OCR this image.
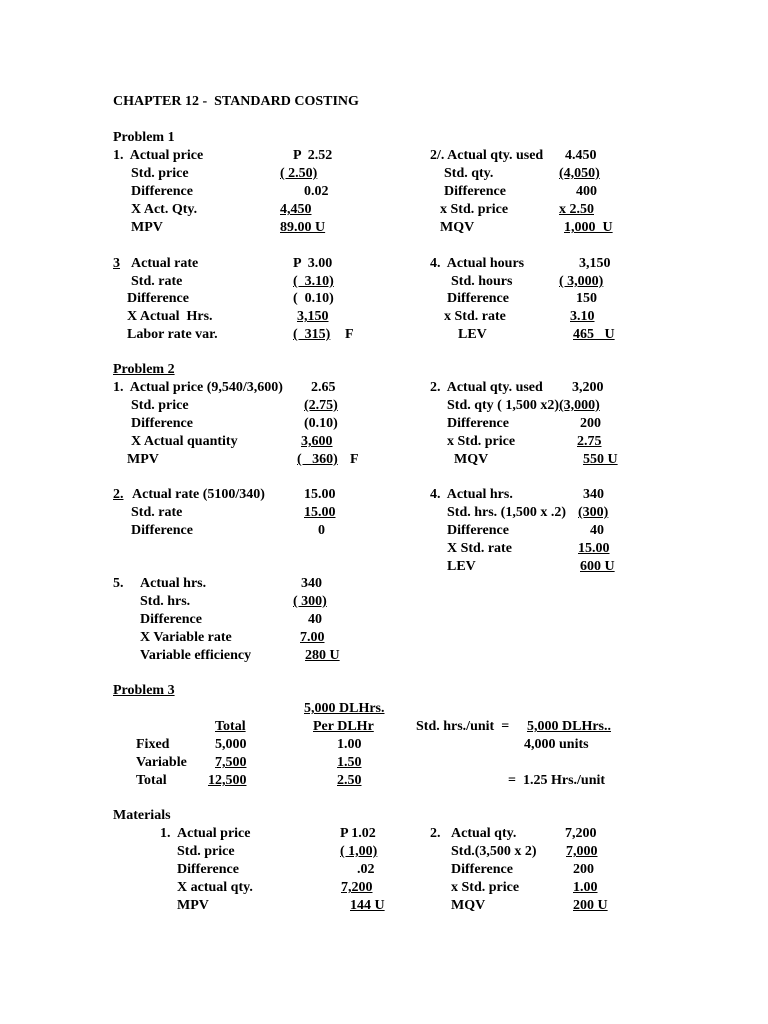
CHAPTER 12 -  STANDARD COSTING
Problem 1
1.  Actual price	P  2.52
Std. price	( 2.50)
Difference	0.02
X Act. Qty.	4,450
MPV	89.00 U
2/. Actual qty. used 4.450
Std. qty.	(4,050)
Difference	400
x Std. price	x 2.50
MQV	1,000  U
3 Actual rate	P  3.00
Std. rate	(  3.10)
Difference	(  0.10)
X Actual  Hrs.	3,150
Labor rate var.	(  315) F
4.  Actual hours	3,150
Std. hours	( 3,000)
Difference	150
x Std. rate	3.10
LEV	465   U
Problem 2
1.  Actual price (9,540/3,600) 2.65
Std. price	(2.75)
Difference	(0.10)
X Actual quantity	3,600
MPV	(   360) F
2.  Actual qty. used 3,200
Std. qty ( 1,500 x2) (3,000)
Difference	200
x Std. price	2.75
MQV	550 U
2. Actual rate (5100/340)	15.00
Std. rate	15.00
Difference	0
4.  Actual hrs.	340
Std. hrs. (1,500 x .2) (300)
Difference	40
X Std. rate	15.00
LEV	600 U
5. Actual hrs.	340
Std. hrs.	( 300)
Difference	40
X Variable rate	7.00
Variable efficiency	280 U
Problem 3
5,000 DLHrs.
Total	Per DLHr
Fixed	5,000	1.00
Variable 7,500	1.50
Total	12,500	2.50
Std. hrs./unit  = 5,000 DLHrs..
4,000 units
=  1.25 Hrs./unit
Materials
1. Actual price	P 1.02
Std. price	( 1,00)
Difference	.02
X actual qty.	7,200
MPV	144 U
2. Actual qty.	7,200
Std.(3,500 x 2) 7,000
Difference	200
x Std. price	1.00
MQV	200 U
